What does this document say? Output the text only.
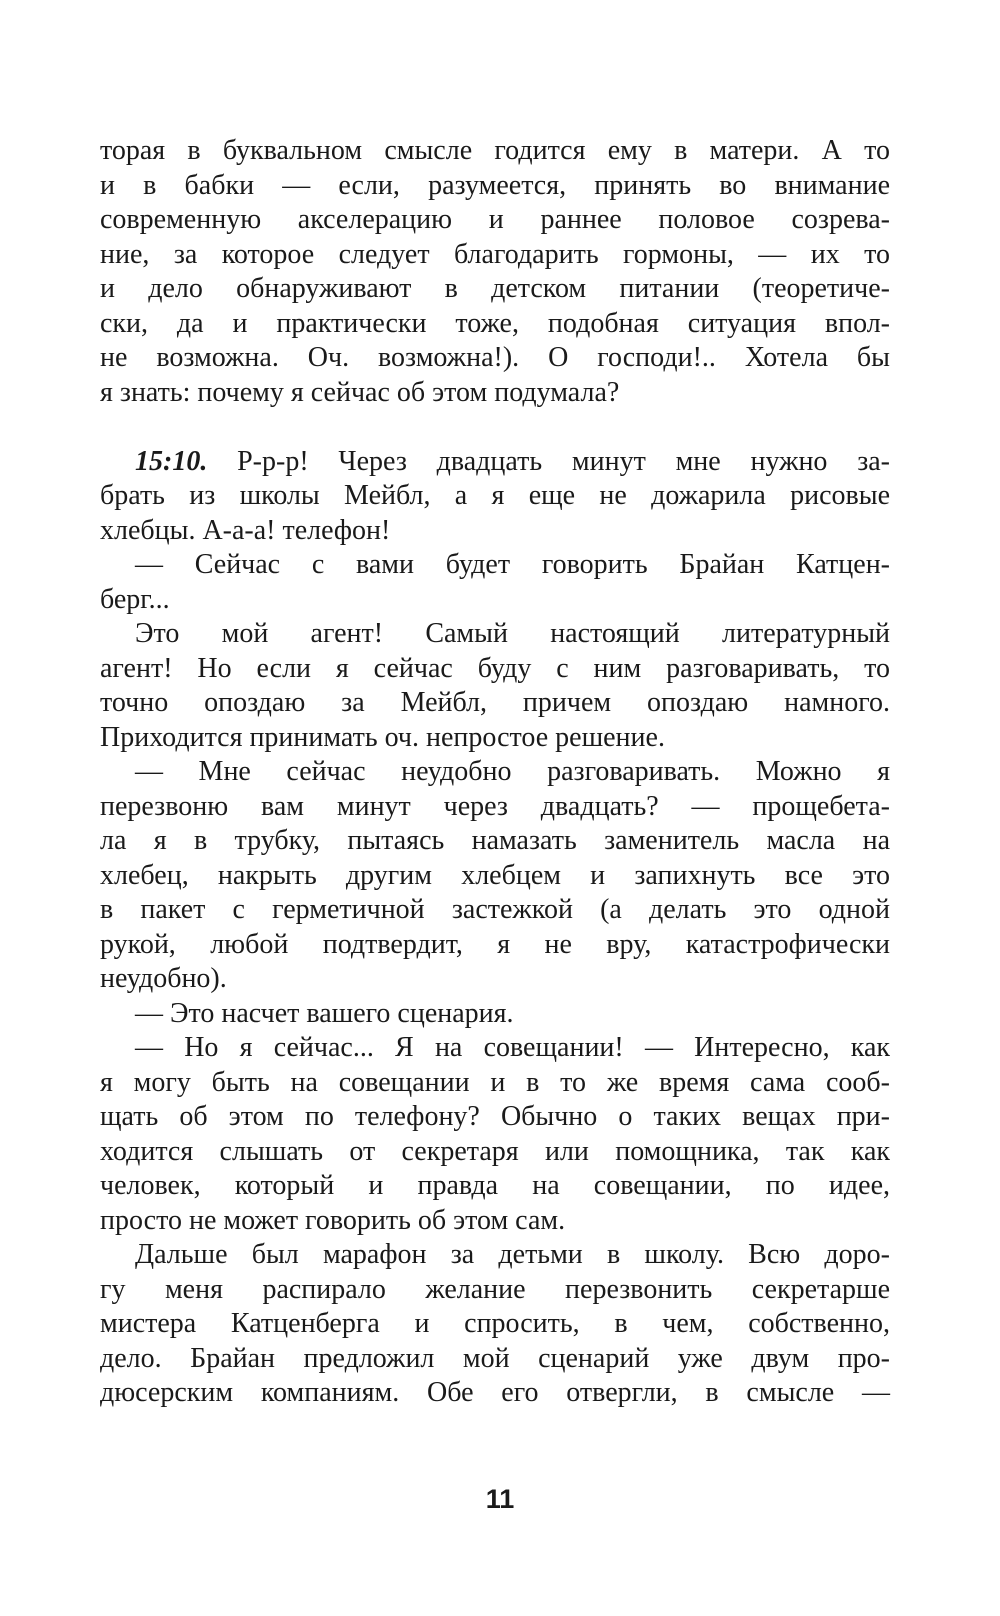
торая в буквальном смысле годится ему в матери. А то
и в бабки — если, разумеется, принять во внимание
современную акселерацию и раннее половое созрева-
ние, за которое следует благодарить гормоны, — их то
и дело обнаруживают в детском питании (теоретиче-
ски, да и практически тоже, подобная ситуация впол-
не возможна. Оч. возможна!). О господи!.. Хотела бы
я знать: почему я сейчас об этом подумала?
15:10. Р-р-р! Через двадцать минут мне нужно за-
брать из школы Мейбл, а я еще не дожарила рисовые
хлебцы. А-а-а! телефон!
— Сейчас с вами будет говорить Брайан Катцен-
берг...
Это мой агент! Самый настоящий литературный
агент! Но если я сейчас буду с ним разговаривать, то
точно опоздаю за Мейбл, причем опоздаю намного.
Приходится принимать оч. непростое решение.
— Мне сейчас неудобно разговаривать. Можно я
перезвоню вам минут через двадцать? — прощебета-
ла я в трубку, пытаясь намазать заменитель масла на
хлебец, накрыть другим хлебцем и запихнуть все это
в пакет с герметичной застежкой (а делать это одной
рукой, любой подтвердит, я не вру, катастрофически
неудобно).
— Это насчет вашего сценария.
— Но я сейчас... Я на совещании! — Интересно, как
я могу быть на совещании и в то же время сама сооб-
щать об этом по телефону? Обычно о таких вещах при-
ходится слышать от секретаря или помощника, так как
человек, который и правда на совещании, по идее,
просто не может говорить об этом сам.
Дальше был марафон за детьми в школу. Всю доро-
гу меня распирало желание перезвонить секретарше
мистера Катценберга и спросить, в чем, собственно,
дело. Брайан предложил мой сценарий уже двум про-
дюсерским компаниям. Обе его отвергли, в смысле —
11
